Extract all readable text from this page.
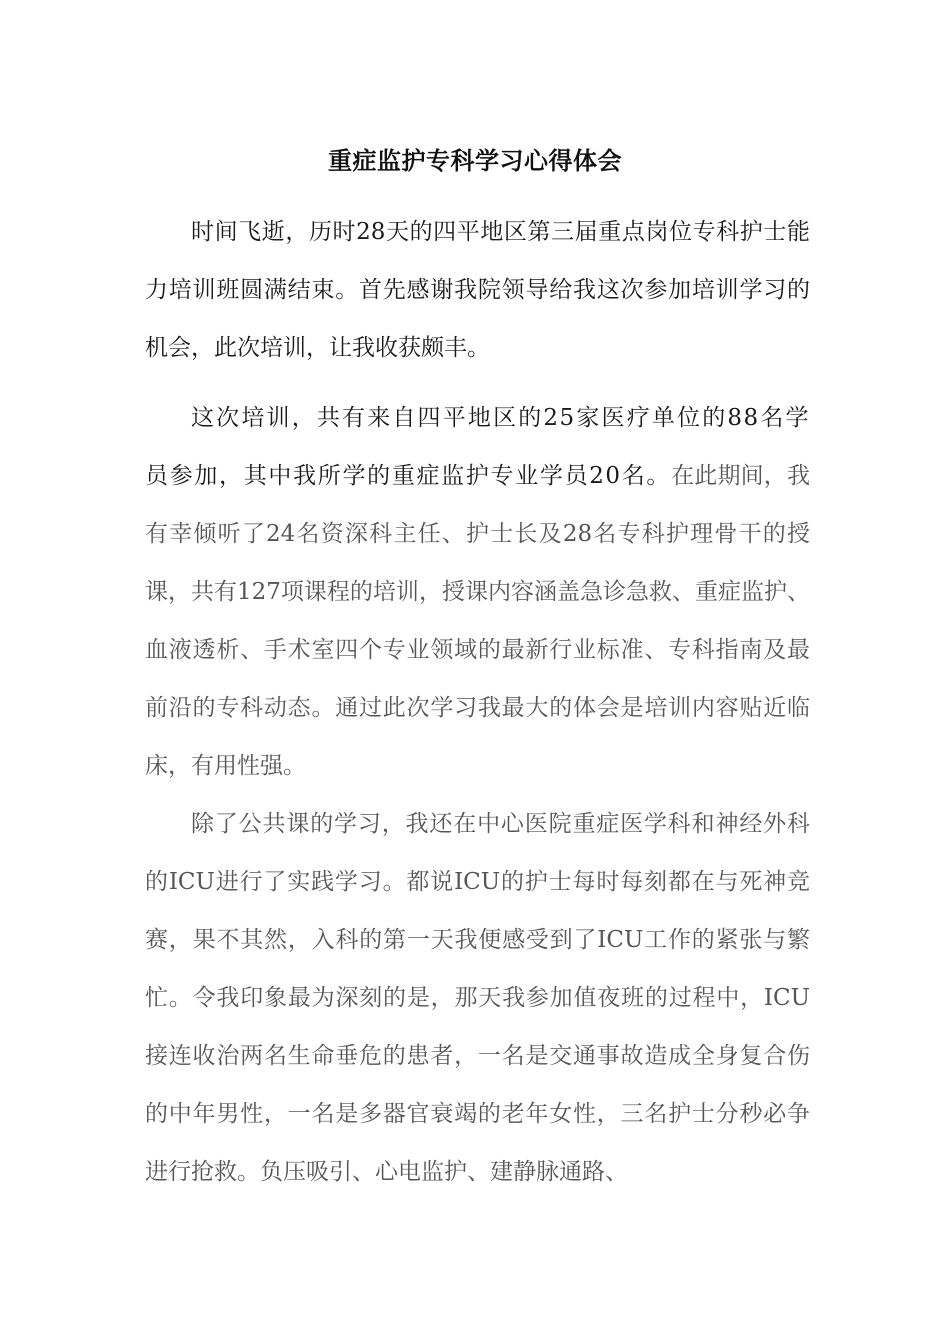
重症监护专科学习心得体会

时间飞逝，历时28天的四平地区第三届重点岗位专科护士能力培训班圆满结束。首先感谢我院领导给我这次参加培训学习的机会，此次培训，让我收获颇丰。

这次培训，共有来自四平地区的25家医疗单位的88名学员参加，其中我所学的重症监护专业学员20名。在此期间，我有幸倾听了24名资深科主任、护士长及28名专科护理骨干的授课，共有127项课程的培训，授课内容涵盖急诊急救、重症监护、血液透析、手术室四个专业领域的最新行业标准、专科指南及最前沿的专科动态。通过此次学习我最大的体会是培训内容贴近临床，有用性强。

除了公共课的学习，我还在中心医院重症医学科和神经外科 的ICU进行了实践学习。都说ICU的护士每时每刻都在与死神竞赛，果不其然，入科的第一天我便感受到了ICU工作的紧张与繁忙。令我印象最为深刻的是，那天我参加值夜班的过程中，ICU接连收治两名生命垂危的患者，一名是交通事故造成全身复合伤的中年男性，一名是多器官衰竭的老年女性，三名护士分秒必争进行抢救。负压吸引、心电监护、建静脉通路、
